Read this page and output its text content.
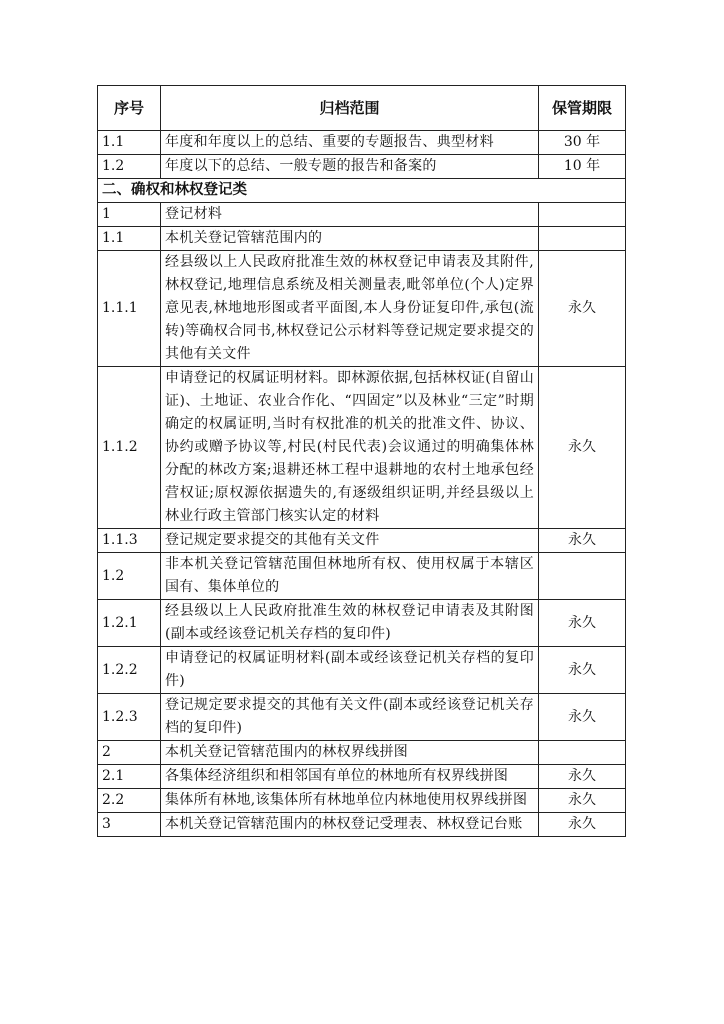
序号	归档范围	保管期限
1.1	年度和年度以上的总结、重要的专题报告、典型材料	30 年
1.2	年度以下的总结、一般专题的报告和备案的	10 年
二、确权和林权登记类		
1	登记材料	
1.1	本机关登记管辖范围内的	
1.1.1	经县级以上人民政府批准生效的林权登记申请表及其附件,林权登记,地理信息系统及相关测量表,毗邻单位(个人)定界意见表,林地地形图或者平面图,本人身份证复印件,承包(流转)等确权合同书,林权登记公示材料等登记规定要求提交的其他有关文件	永久
1.1.2	申请登记的权属证明材料。即林源依据,包括林权证(自留山证)、土地证、农业合作化、“四固定”以及林业“三定”时期确定的权属证明,当时有权批准的机关的批准文件、协议、协约或赠予协议等,村民(村民代表)会议通过的明确集体林分配的林改方案;退耕还林工程中退耕地的农村土地承包经营权证;原权源依据遗失的,有逐级组织证明,并经县级以上林业行政主管部门核实认定的材料	永久
1.1.3	登记规定要求提交的其他有关文件	永久
1.2	非本机关登记管辖范围但林地所有权、使用权属于本辖区国有、集体单位的	
1.2.1	经县级以上人民政府批准生效的林权登记申请表及其附图(副本或经该登记机关存档的复印件)	永久
1.2.2	申请登记的权属证明材料(副本或经该登记机关存档的复印件)	永久
1.2.3	登记规定要求提交的其他有关文件(副本或经该登记机关存档的复印件)	永久
2	本机关登记管辖范围内的林权界线拼图	
2.1	各集体经济组织和相邻国有单位的林地所有权界线拼图	永久
2.2	集体所有林地,该集体所有林地单位内林地使用权界线拼图	永久
3	本机关登记管辖范围内的林权登记受理表、林权登记台账	永久
